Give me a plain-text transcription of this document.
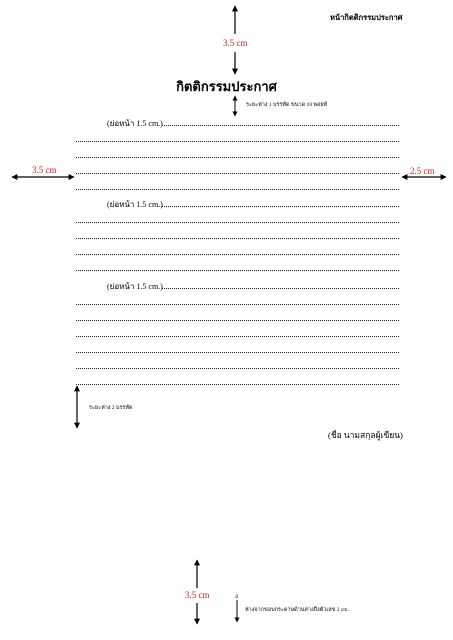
หน้ากิตติกรรมประกาศ
3.5 cm
กิตติกรรมประกาศ
ระยะห่าง 1 บรรทัด ขนาด 18 พอยท์
3.5 cm	2.5 cm
(ย่อหน้า 1.5 cm.)
(ย่อหน้า 1.5 cm.)
(ย่อหน้า 1.5 cm.)
ระยะห่าง 2 บรรทัด
(ชื่อ นามสกุลผู้เขียน)
3.5 cm	ง
ห่างจากขอบกระดาษด้านล่างถึงตัวเลข 2 cm.
